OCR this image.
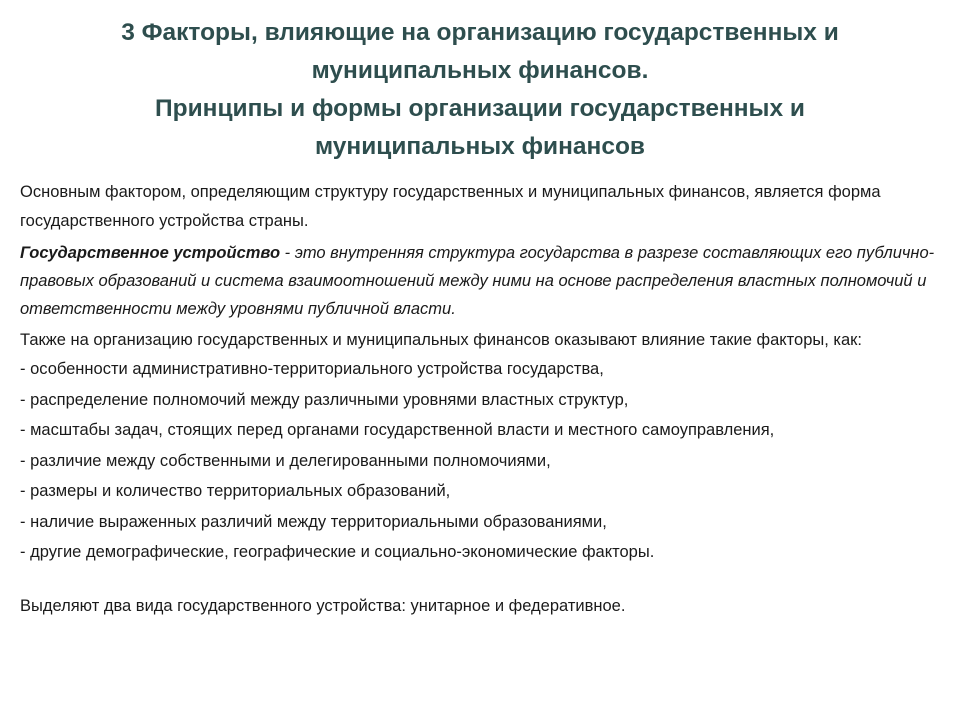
3 Факторы, влияющие на организацию государственных и
муниципальных финансов.
Принципы и формы организации государственных и
муниципальных финансов
Основным фактором, определяющим структуру государственных и муниципальных финансов, является форма государственного устройства страны.
Государственное устройство - это внутренняя структура государства в разрезе составляющих его публично-правовых образований и система взаимоотношений между ними на основе распределения властных полномочий и ответственности между уровнями публичной власти.
Также на организацию государственных и муниципальных финансов оказывают влияние такие факторы, как:
- особенности административно-территориального устройства государства,
- распределение полномочий между различными уровнями властных структур,
- масштабы задач, стоящих перед органами государственной власти и местного самоуправления,
- различие между собственными и делегированными полномочиями,
- размеры и количество территориальных образований,
- наличие выраженных различий между территориальными образованиями,
- другие демографические, географические и социально-экономические факторы.
Выделяют два вида государственного устройства: унитарное и федеративное.
